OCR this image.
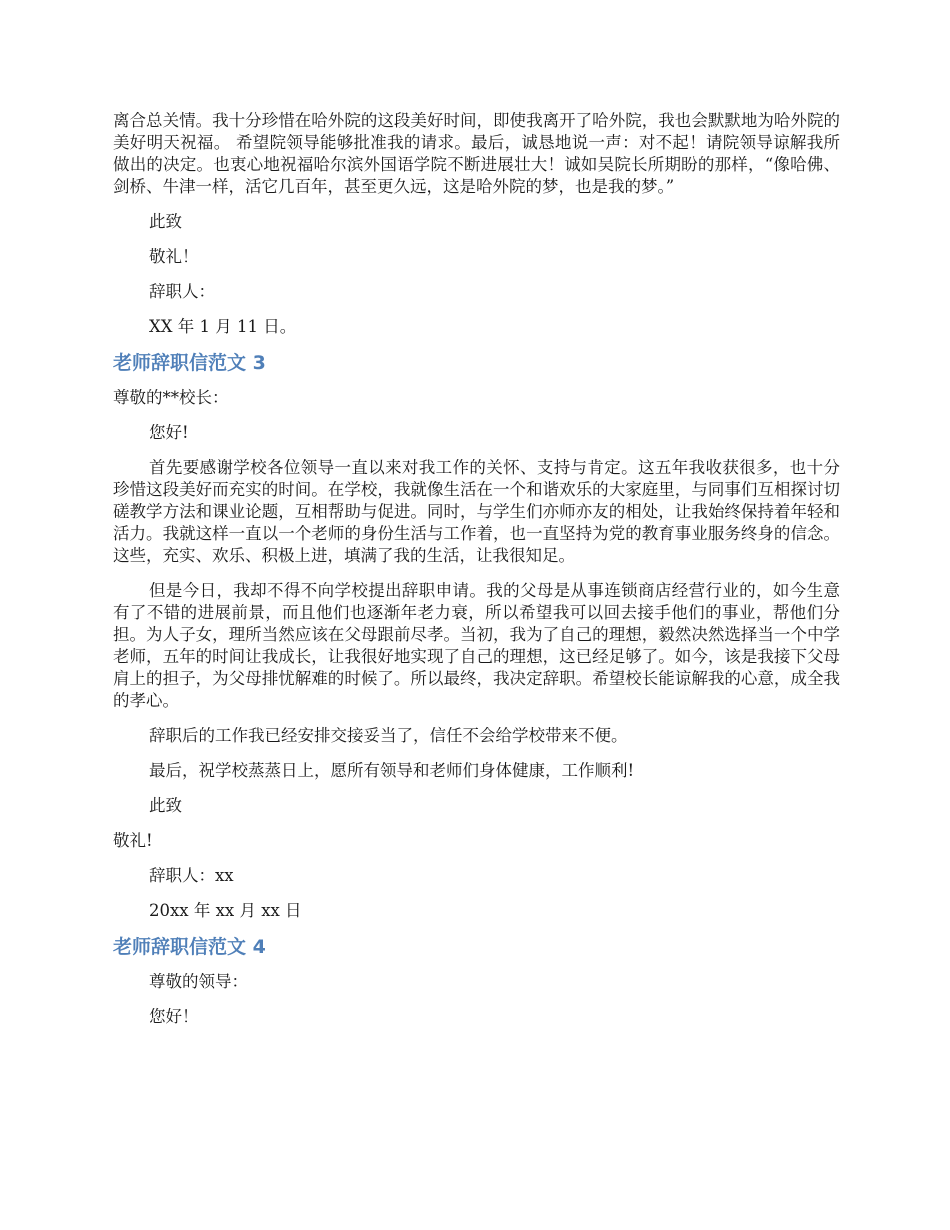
离合总关情。我十分珍惜在哈外院的这段美好时间，即使我离开了哈外院，我也会默默地为哈外院的美好明天祝福。 希望院领导能够批准我的请求。最后，诚恳地说一声：对不起！请院领导谅解我所做出的决定。也衷心地祝福哈尔滨外国语学院不断进展壮大！诚如吴院长所期盼的那样，“像哈佛、剑桥、牛津一样，活它几百年，甚至更久远，这是哈外院的梦，也是我的梦。”

此致

敬礼！

辞职人：

XX 年 1 月 11 日。

老师辞职信范文 3

尊敬的**校长：

您好!

首先要感谢学校各位领导一直以来对我工作的关怀、支持与肯定。这五年我收获很多，也十分珍惜这段美好而充实的时间。在学校，我就像生活在一个和谐欢乐的大家庭里，与同事们互相探讨切磋教学方法和课业论题，互相帮助与促进。同时，与学生们亦师亦友的相处，让我始终保持着年轻和活力。我就这样一直以一个老师的身份生活与工作着，也一直坚持为党的教育事业服务终身的信念。这些，充实、欢乐、积极上进，填满了我的生活，让我很知足。

但是今日，我却不得不向学校提出辞职申请。我的父母是从事连锁商店经营行业的，如今生意有了不错的进展前景，而且他们也逐渐年老力衰，所以希望我可以回去接手他们的事业，帮他们分担。为人子女，理所当然应该在父母跟前尽孝。当初，我为了自己的理想，毅然决然选择当一个中学老师，五年的时间让我成长，让我很好地实现了自己的理想，这已经足够了。如今，该是我接下父母肩上的担子，为父母排忧解难的时候了。所以最终，我决定辞职。希望校长能谅解我的心意，成全我的孝心。

辞职后的工作我已经安排交接妥当了，信任不会给学校带来不便。

最后，祝学校蒸蒸日上，愿所有领导和老师们身体健康，工作顺利!

此致

敬礼!

辞职人：xx

20xx 年 xx 月 xx 日

老师辞职信范文 4

尊敬的领导：

您好！
